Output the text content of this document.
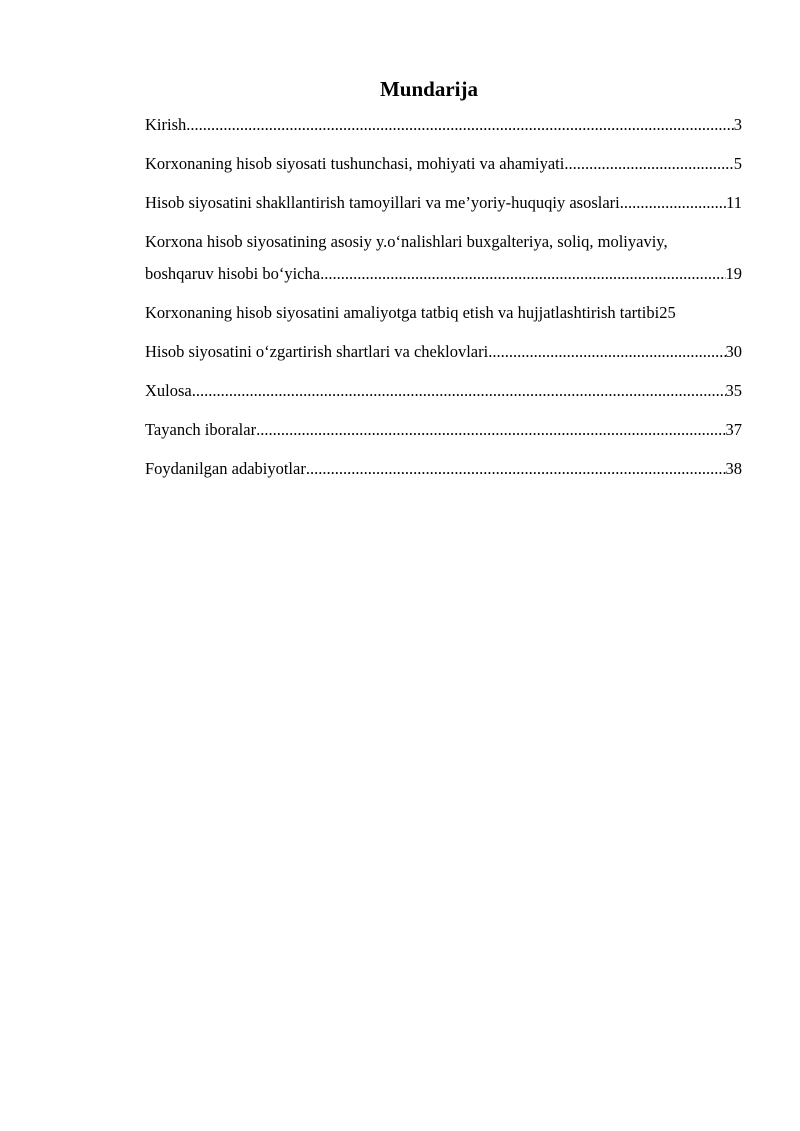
Mundarija
Kirish .....	3
Korxonaning hisob siyosati tushunchasi, mohiyati va ahamiyati .....	5
Hisob siyosatini shakllantirish tamoyillari va me’yoriy-huquqiy asoslari .....	11
Korxona hisob siyosatining asosiy y.o‘nalishlari buxgalteriya, soliq, moliyaviy,
boshqaruv hisobi bo‘yicha .....	19
Korxonaning hisob siyosatini amaliyotga tatbiq etish va hujjatlashtirish tartibi 25
Hisob siyosatini o‘zgartirish shartlari va cheklovlari .....	30
Xulosa .....	35
Tayanch iboralar .....	37
Foydanilgan adabiyotlar .....	38
